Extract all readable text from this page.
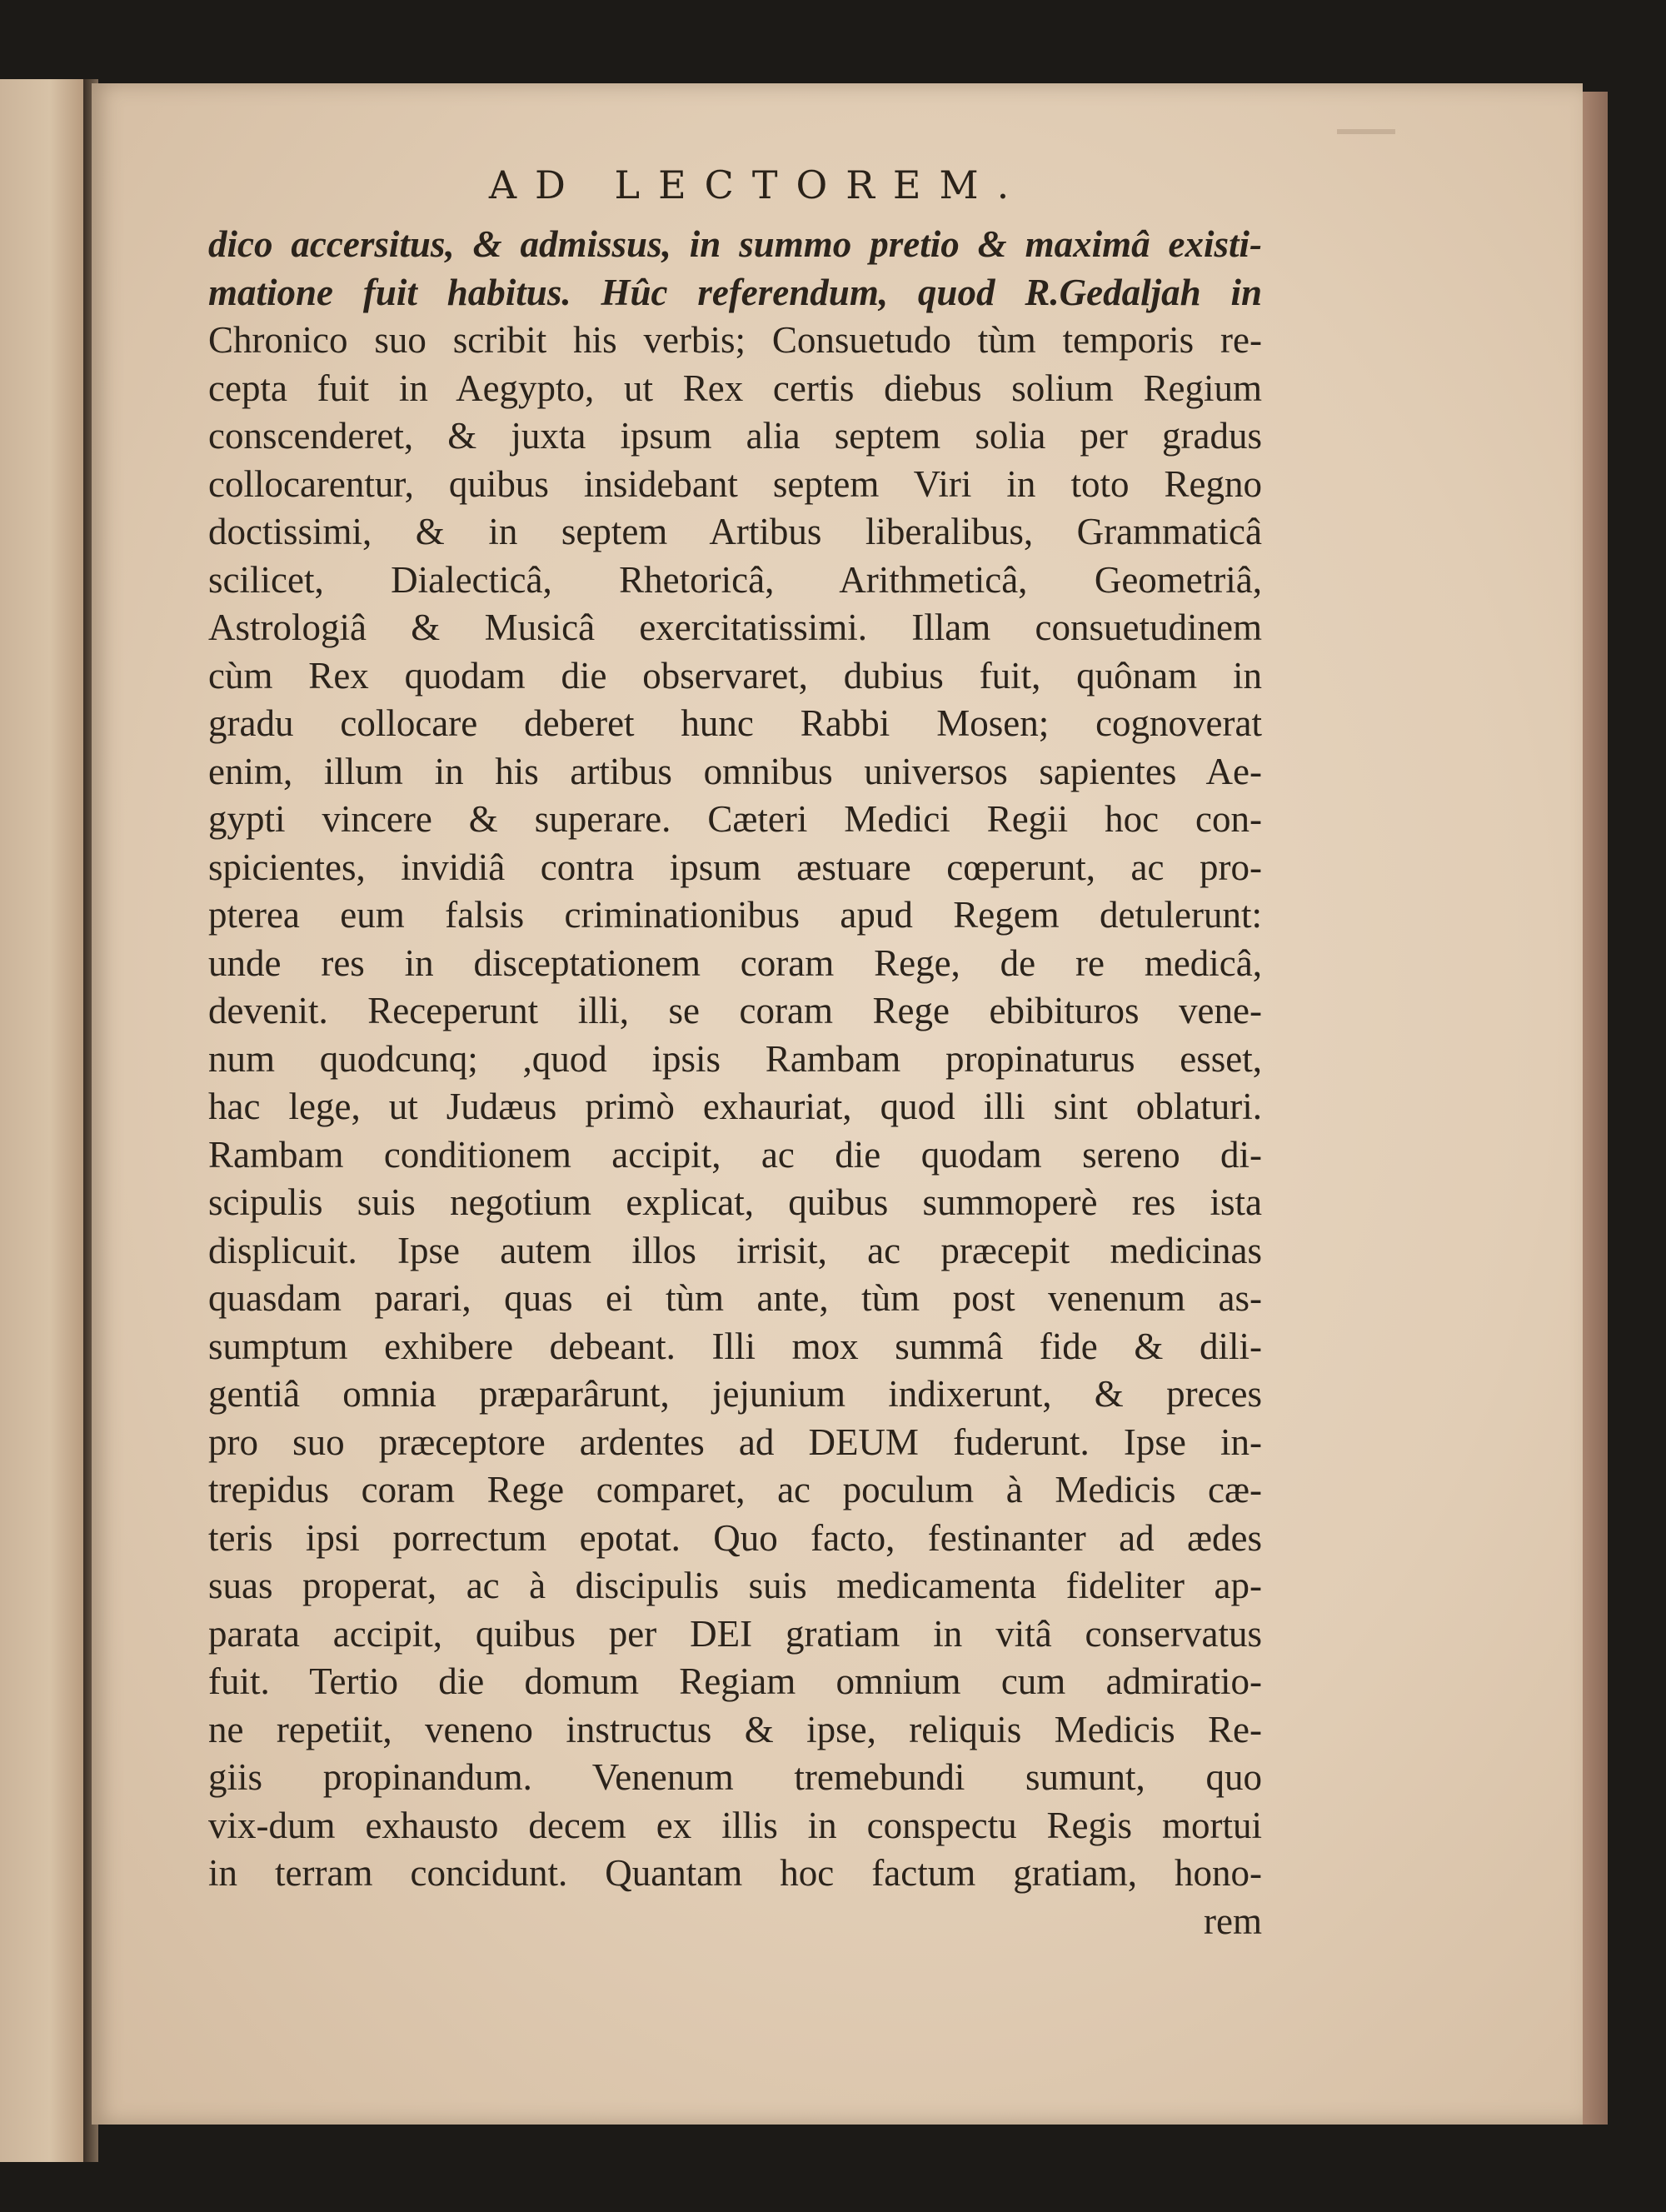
AD LECTOREM.
dico accersitus, & admissus, in summo pretio & maximâ existi-
matione fuit habitus. Hûc referendum, quod R.Gedaljah in
Chronico suo scribit his verbis; Consuetudo tùm temporis re-
cepta fuit in Aegypto, ut Rex certis diebus solium Regium
conscenderet, & juxta ipsum alia septem solia per gradus
collocarentur, quibus insidebant septem Viri in toto Regno
doctissimi, & in septem Artibus liberalibus, Grammaticâ
scilicet, Dialecticâ, Rhetoricâ, Arithmeticâ, Geometriâ,
Astrologiâ & Musicâ exercitatissimi. Illam consuetudinem
cùm Rex quodam die observaret, dubius fuit, quônam in
gradu collocare deberet hunc Rabbi Mosen; cognoverat
enim, illum in his artibus omnibus universos sapientes Ae-
gypti vincere & superare. Cæteri Medici Regii hoc con-
spicientes, invidiâ contra ipsum æstuare cœperunt, ac pro-
pterea eum falsis criminationibus apud Regem detulerunt:
unde res in disceptationem coram Rege, de re medicâ,
devenit. Receperunt illi, se coram Rege ebibituros vene-
num quodcunq; ,quod ipsis Rambam propinaturus esset,
hac lege, ut Judæus primò exhauriat, quod illi sint oblaturi.
Rambam conditionem accipit, ac die quodam sereno di-
scipulis suis negotium explicat, quibus summoperè res ista
displicuit. Ipse autem illos irrisit, ac præcepit medicinas
quasdam parari, quas ei tùm ante, tùm post venenum as-
sumptum exhibere debeant. Illi mox summâ fide & dili-
gentiâ omnia præparârunt, jejunium indixerunt, & preces
pro suo præceptore ardentes ad DEUM fuderunt. Ipse in-
trepidus coram Rege comparet, ac poculum à Medicis cæ-
teris ipsi porrectum epotat. Quo facto, festinanter ad ædes
suas properat, ac à discipulis suis medicamenta fideliter ap-
parata accipit, quibus per DEI gratiam in vitâ conservatus
fuit. Tertio die domum Regiam omnium cum admiratio-
ne repetiit, veneno instructus & ipse, reliquis Medicis Re-
giis propinandum. Venenum tremebundi sumunt, quo
vix-dum exhausto decem ex illis in conspectu Regis mortui
in terram concidunt. Quantam hoc factum gratiam, hono-
rem
